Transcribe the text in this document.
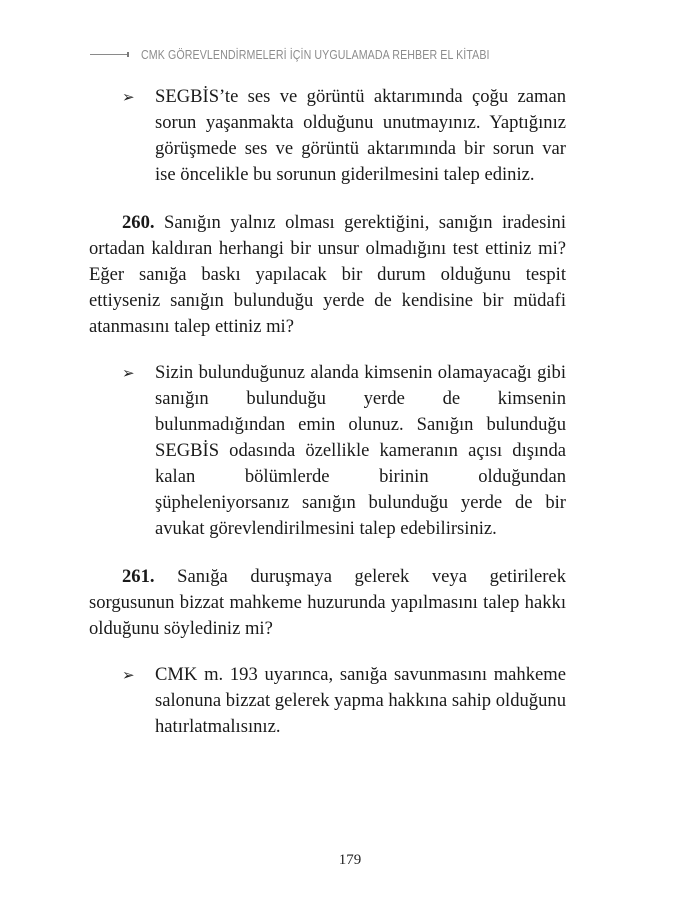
CMK GÖREVLENDİRMELERİ İÇİN UYGULAMADA REHBER EL KİTABI

➢ SEGBİS’te ses ve görüntü aktarımında çoğu zaman sorun yaşanmakta olduğunu unutmayınız. Yaptığınız görüşmede ses ve görüntü aktarımında bir sorun var ise öncelikle bu sorunun giderilmesini talep ediniz.

260. Sanığın yalnız olması gerektiğini, sanığın iradesini ortadan kaldıran herhangi bir unsur olmadığını test ettiniz mi? Eğer sanığa baskı yapılacak bir durum olduğunu tespit ettiyseniz sanığın bulunduğu yerde de kendisine bir müdafi atanmasını talep ettiniz mi?

➢ Sizin bulunduğunuz alanda kimsenin olamayacağı gibi sanığın bulunduğu yerde de kimsenin bulunmadığından emin olunuz. Sanığın bulunduğu SEGBİS odasında özellikle kameranın açısı dışında kalan bölümlerde birinin olduğundan şüpheleniyorsanız sanığın bulunduğu yerde de bir avukat görevlendirilmesini talep edebilirsiniz.

261. Sanığa duruşmaya gelerek veya getirilerek sorgusunun bizzat mahkeme huzurunda yapılmasını talep hakkı olduğunu söylediniz mi?

➢ CMK m. 193 uyarınca, sanığa savunmasını mahkeme salonuna bizzat gelerek yapma hakkına sahip olduğunu hatırlatmalısınız.

179
